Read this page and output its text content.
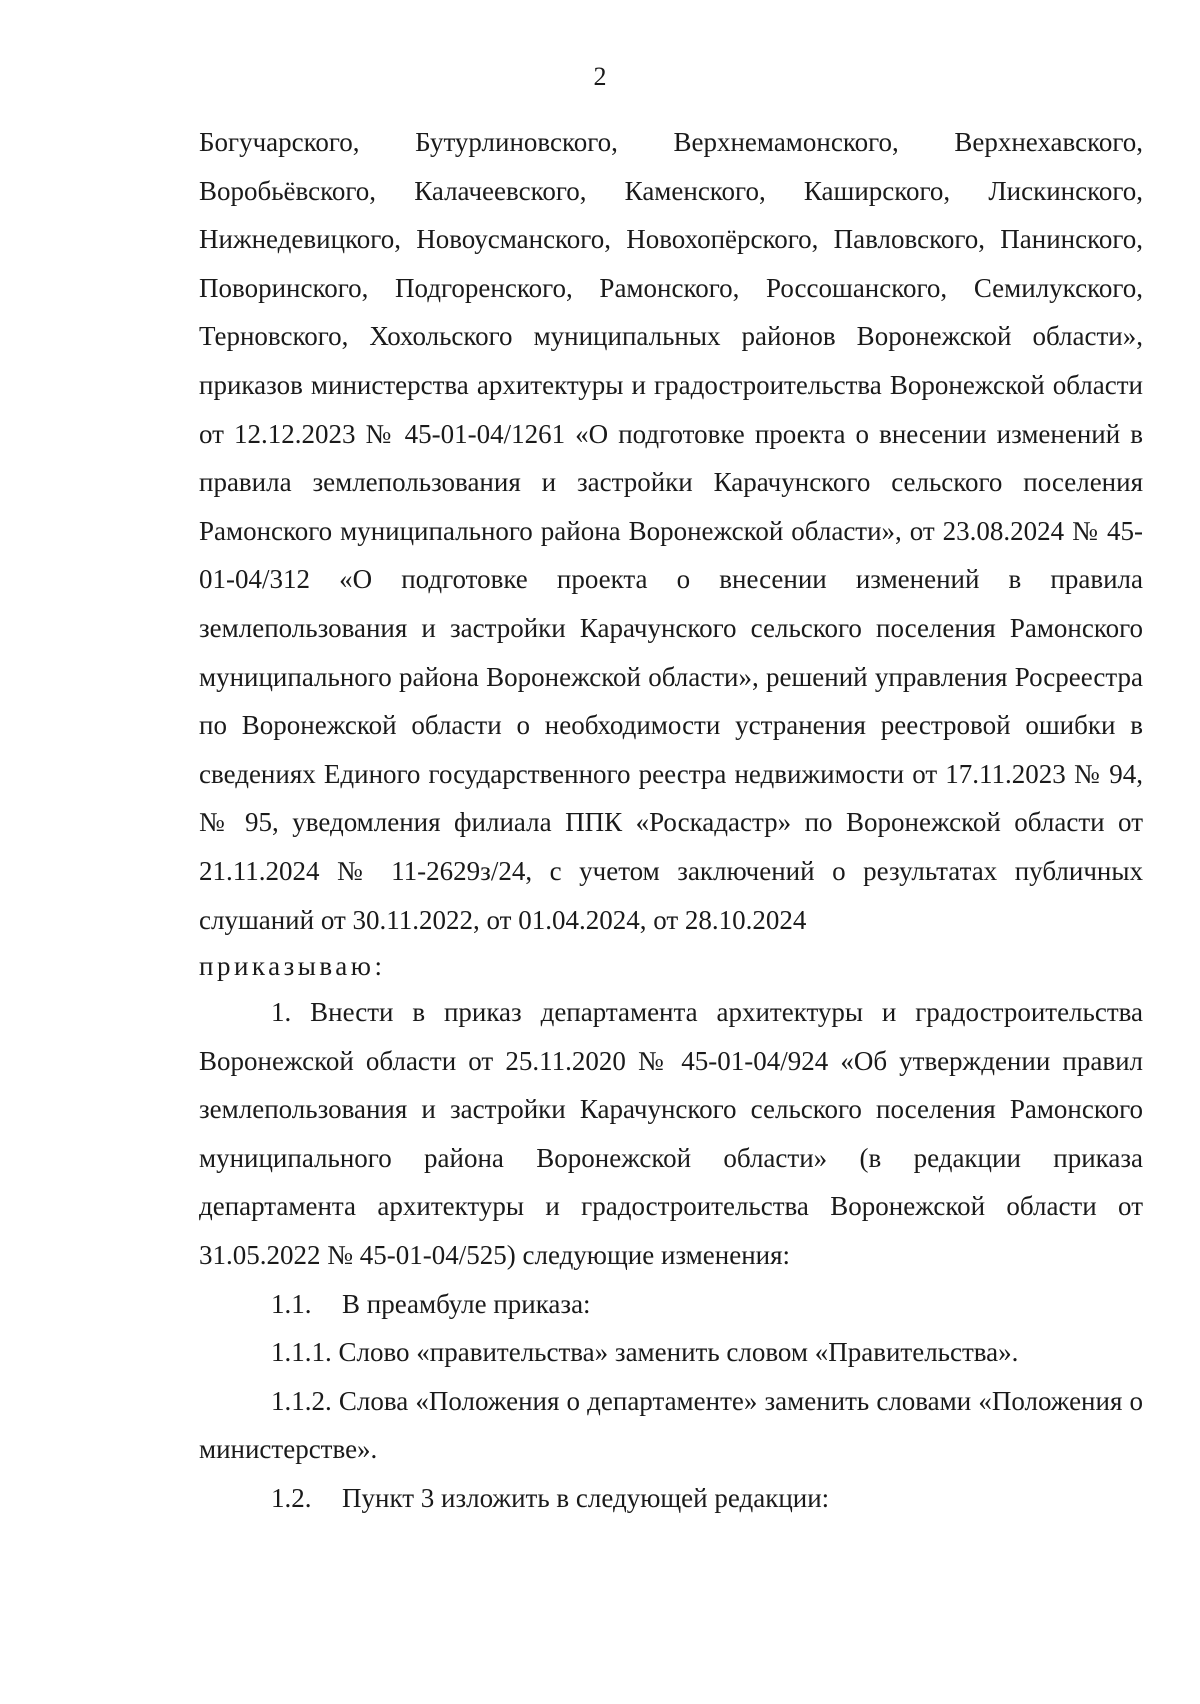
2

Богучарского, Бутурлиновского, Верхнемамонского, Верхнехавского, Воробьёвского, Калачеевского, Каменского, Каширского, Лискинского, Нижнедевицкого, Новоусманского, Новохопёрского, Павловского, Панинского, Поворинского, Подгоренского, Рамонского, Россошанского, Семилукского, Терновского, Хохольского муниципальных районов Воронежской области», приказов министерства архитектуры и градостроительства Воронежской области от 12.12.2023 № 45-01-04/1261 «О подготовке проекта о внесении изменений в правила землепользования и застройки Карачунского сельского поселения Рамонского муниципального района Воронежской области», от 23.08.2024 № 45-01-04/312 «О подготовке проекта о внесении изменений в правила землепользования и застройки Карачунского сельского поселения Рамонского муниципального района Воронежской области», решений управления Росреестра по Воронежской области о необходимости устранения реестровой ошибки в сведениях Единого государственного реестра недвижимости от 17.11.2023 № 94, № 95, уведомления филиала ППК «Роскадастр» по Воронежской области от 21.11.2024 № 11-2629з/24, с учетом заключений о результатах публичных слушаний от 30.11.2022, от 01.04.2024, от 28.10.2024

приказываю:

1. Внести в приказ департамента архитектуры и градостроительства Воронежской области от 25.11.2020 № 45-01-04/924 «Об утверждении правил землепользования и застройки Карачунского сельского поселения Рамонского муниципального района Воронежской области» (в редакции приказа департамента архитектуры и градостроительства Воронежской области от 31.05.2022 № 45-01-04/525) следующие изменения:

1.1.	В преамбуле приказа:

1.1.1. Слово «правительства» заменить словом «Правительства».

1.1.2. Слова «Положения о департаменте» заменить словами «Положения о министерстве».

1.2.	Пункт 3 изложить в следующей редакции:
